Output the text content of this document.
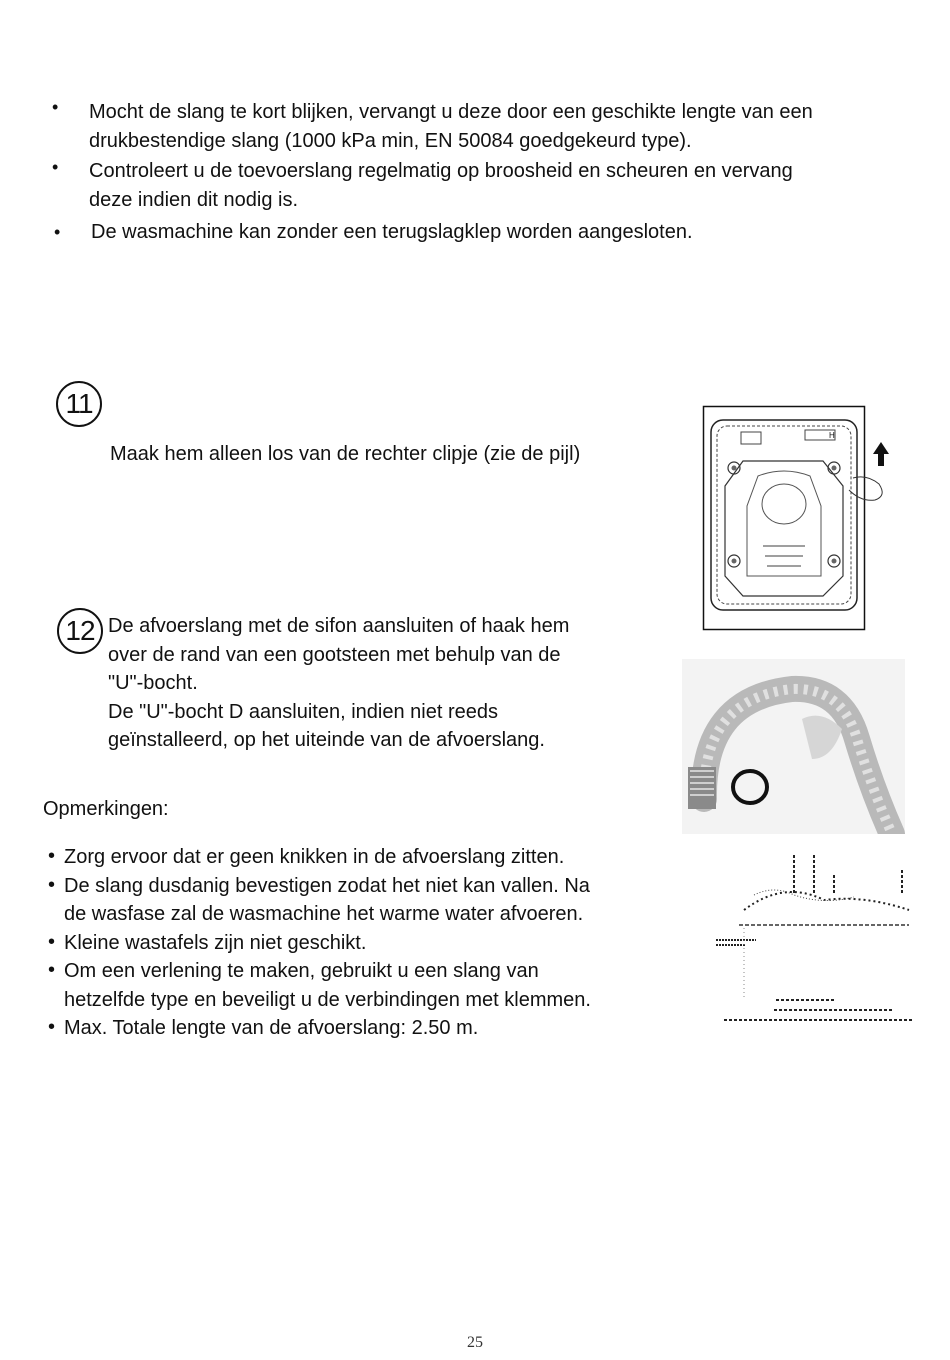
• Mocht de slang te kort blijken, vervangt u deze door een geschikte lengte van een
drukbestendige slang (1000 kPa min, EN 50084 goedgekeurd type).
• Controleert u de toevoerslang regelmatig op broosheid en scheuren en vervang
deze indien dit nodig is.
• De wasmachine kan zonder een terugslagklep worden aangesloten.
11
Maak hem alleen los van de rechter clipje (zie de pijl)
H
12 De afvoerslang met de sifon aansluiten of haak hem
over de rand van een gootsteen met behulp van de
"U"-bocht.
De "U"-bocht D aansluiten, indien niet reeds
geïnstalleerd, op het uiteinde van de afvoerslang.
Opmerkingen:
• Zorg ervoor dat er geen knikken in de afvoerslang zitten.
• De slang dusdanig bevestigen zodat het niet kan vallen. Na
de wasfase zal de wasmachine het warme water afvoeren.
• Kleine wastafels zijn niet geschikt.
• Om een verlening te maken, gebruikt u een slang van
hetzelfde type en beveiligt u de verbindingen met klemmen.
• Max. Totale lengte van de afvoerslang: 2.50 m.
25
